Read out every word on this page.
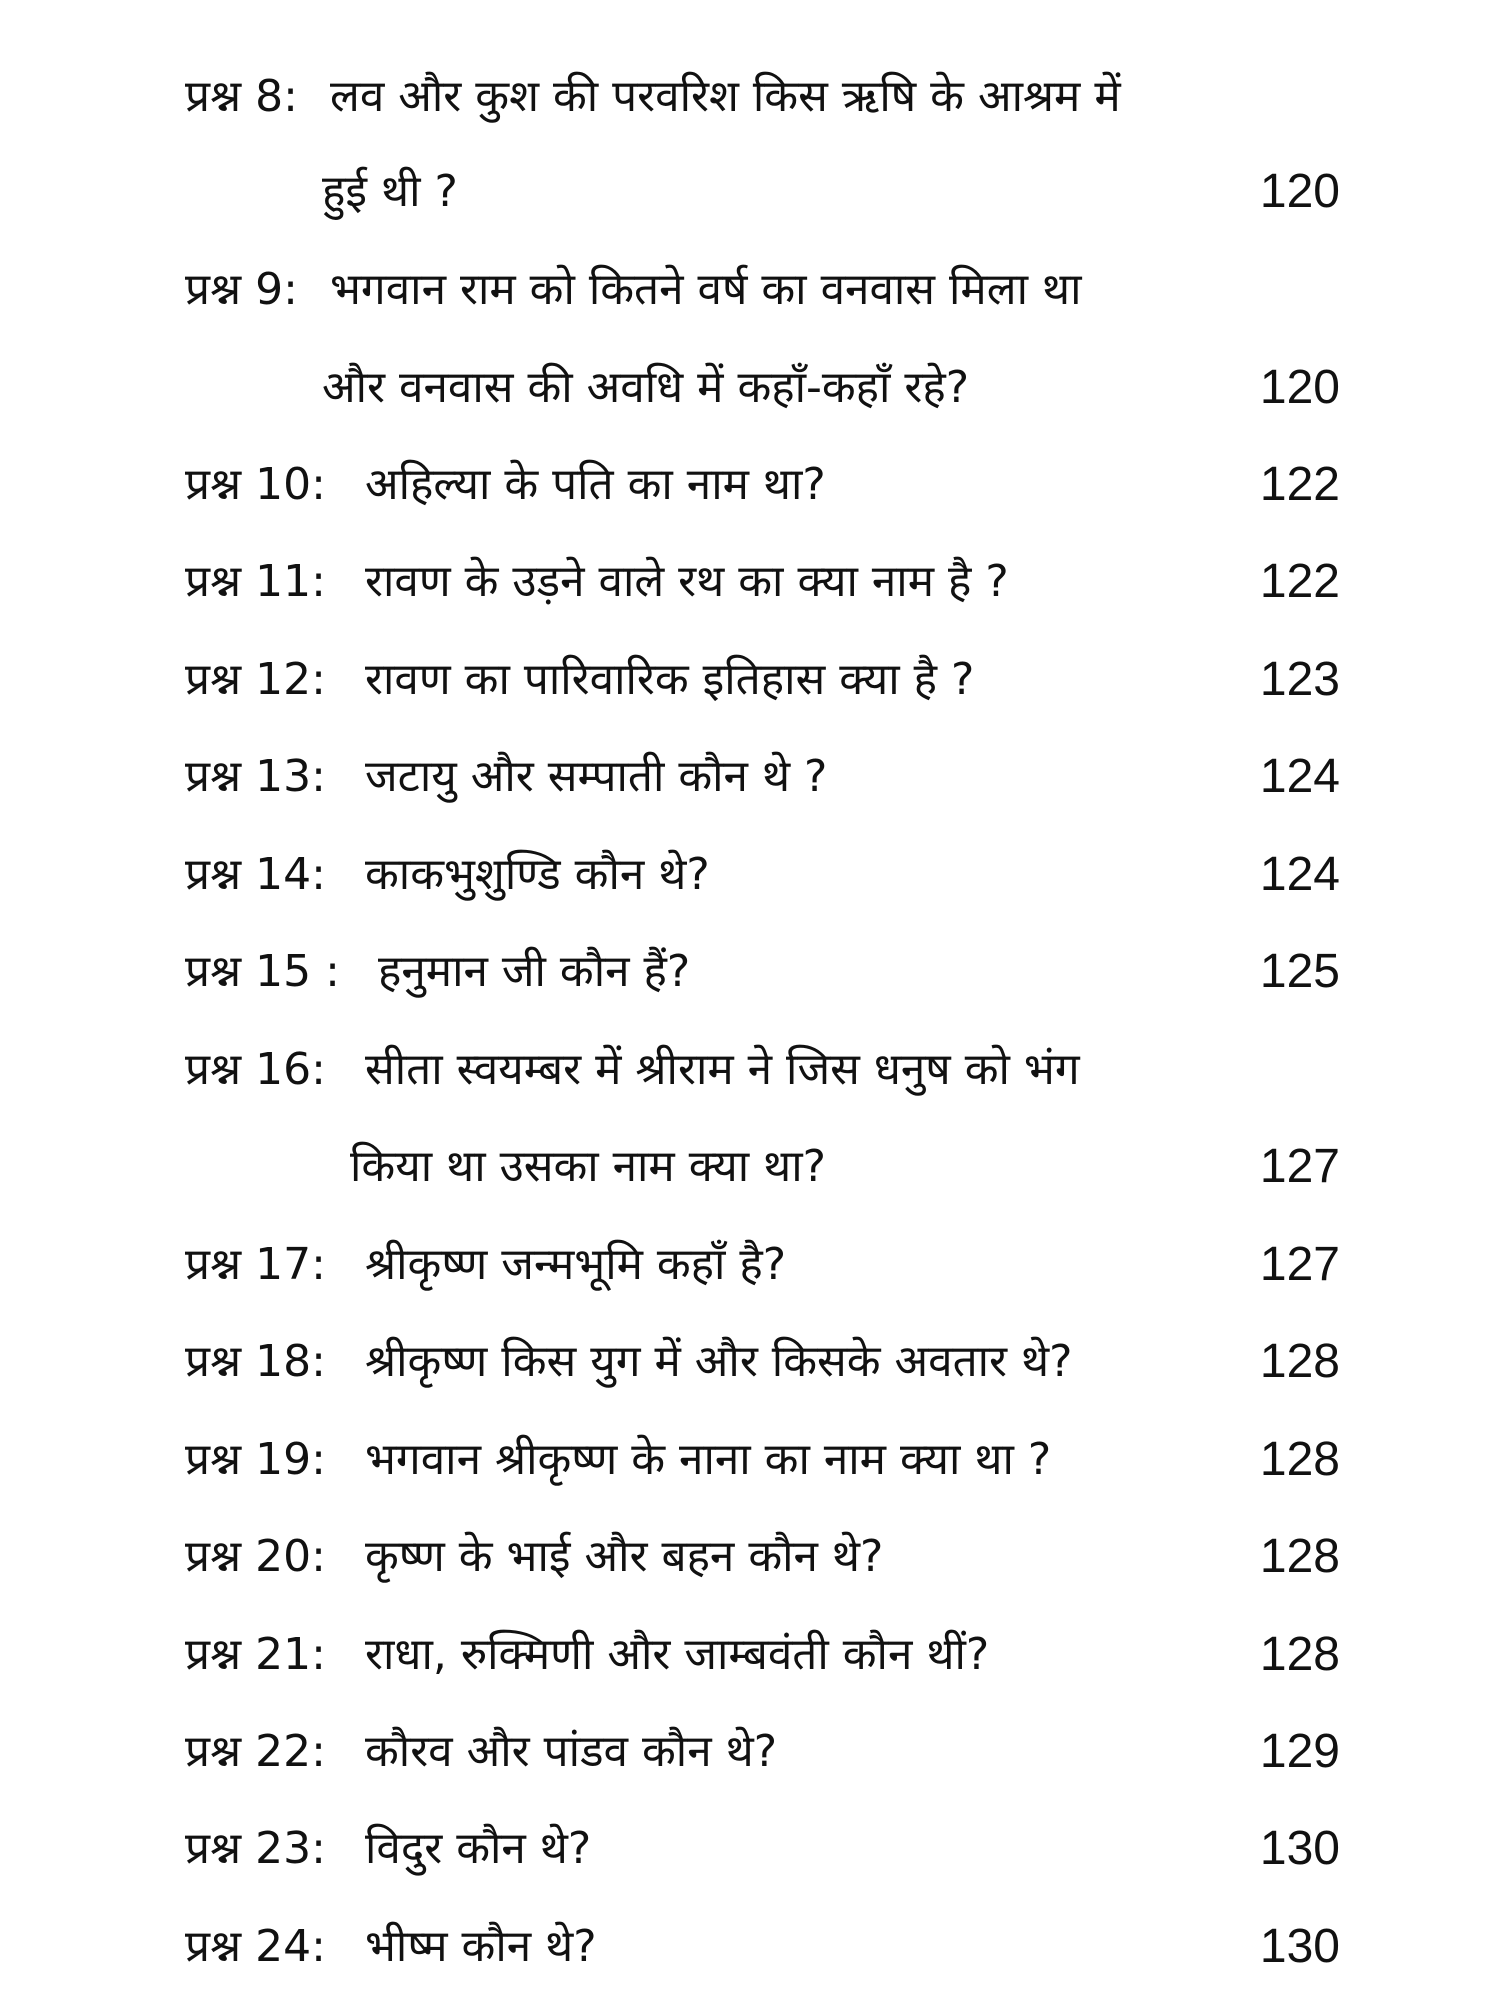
प्रश्न 8: लव और कुश की परवरिश किस ऋषि के आश्रम में
हुई थी ?	120
प्रश्न 9: भगवान राम को कितने वर्ष का वनवास मिला था
और वनवास की अवधि में कहाँ-कहाँ रहे?	120
प्रश्न 10: अहिल्या के पति का नाम था?	122
प्रश्न 11: रावण के उड़ने वाले रथ का क्या नाम है ?	122
प्रश्न 12: रावण का पारिवारिक इतिहास क्या है ?	123
प्रश्न 13: जटायु और सम्पाती कौन थे ?	124
प्रश्न 14: काकभुशुण्डि कौन थे?	124
प्रश्न 15 : हनुमान जी कौन हैं?	125
प्रश्न 16: सीता स्वयम्बर में श्रीराम ने जिस धनुष को भंग
किया था उसका नाम क्या था?	127
प्रश्न 17: श्रीकृष्ण जन्मभूमि कहाँ है?	127
प्रश्न 18: श्रीकृष्ण किस युग में और किसके अवतार थे?	128
प्रश्न 19: भगवान श्रीकृष्ण के नाना का नाम क्या था ?	128
प्रश्न 20: कृष्ण के भाई और बहन कौन थे?	128
प्रश्न 21: राधा, रुक्मिणी और जाम्बवंती कौन थीं?	128
प्रश्न 22: कौरव और पांडव कौन थे?	129
प्रश्न 23: विदुर कौन थे?	130
प्रश्न 24: भीष्म कौन थे?	130
